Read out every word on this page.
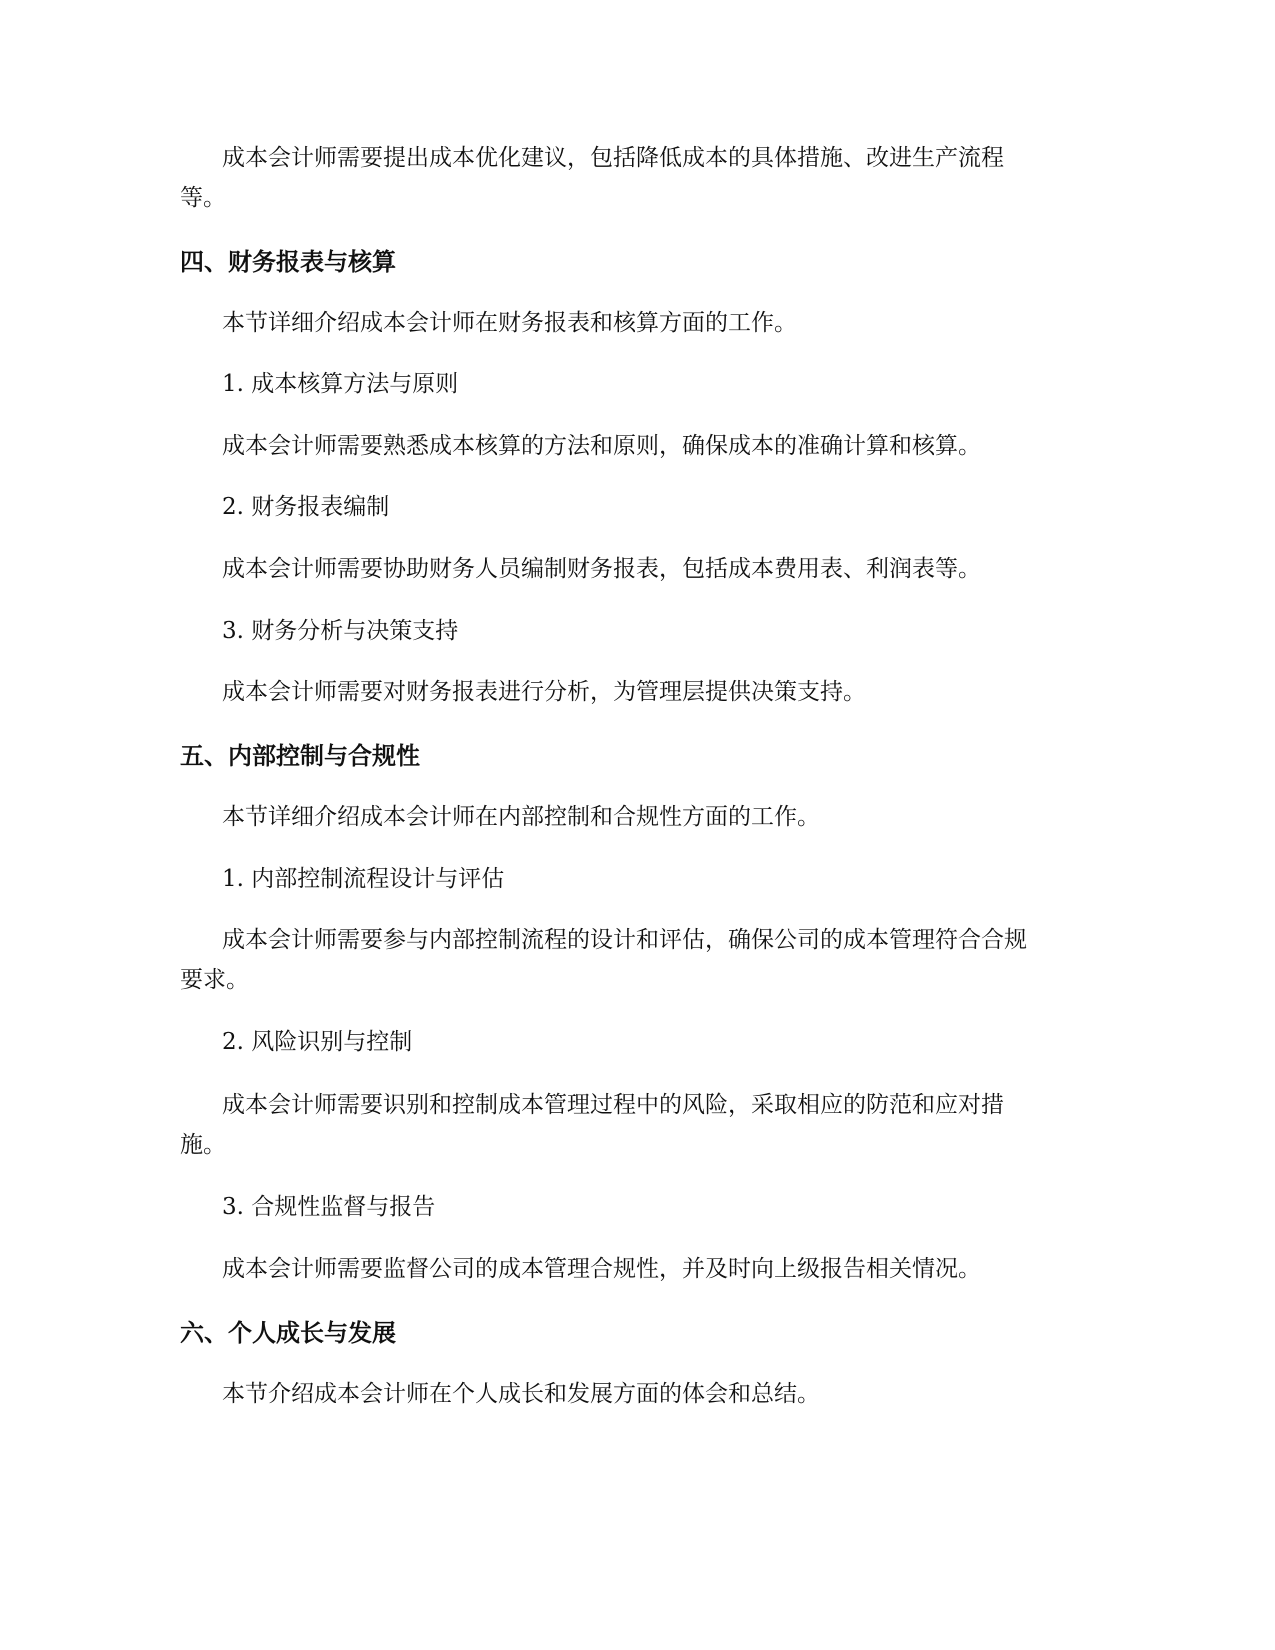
成本会计师需要提出成本优化建议，包括降低成本的具体措施、改进生产流程等。

四、财务报表与核算

本节详细介绍成本会计师在财务报表和核算方面的工作。

1. 成本核算方法与原则

成本会计师需要熟悉成本核算的方法和原则，确保成本的准确计算和核算。

2. 财务报表编制

成本会计师需要协助财务人员编制财务报表，包括成本费用表、利润表等。

3. 财务分析与决策支持

成本会计师需要对财务报表进行分析，为管理层提供决策支持。

五、内部控制与合规性

本节详细介绍成本会计师在内部控制和合规性方面的工作。

1. 内部控制流程设计与评估

成本会计师需要参与内部控制流程的设计和评估，确保公司的成本管理符合合规要求。

2. 风险识别与控制

成本会计师需要识别和控制成本管理过程中的风险，采取相应的防范和应对措施。

3. 合规性监督与报告

成本会计师需要监督公司的成本管理合规性，并及时向上级报告相关情况。

六、个人成长与发展

本节介绍成本会计师在个人成长和发展方面的体会和总结。
